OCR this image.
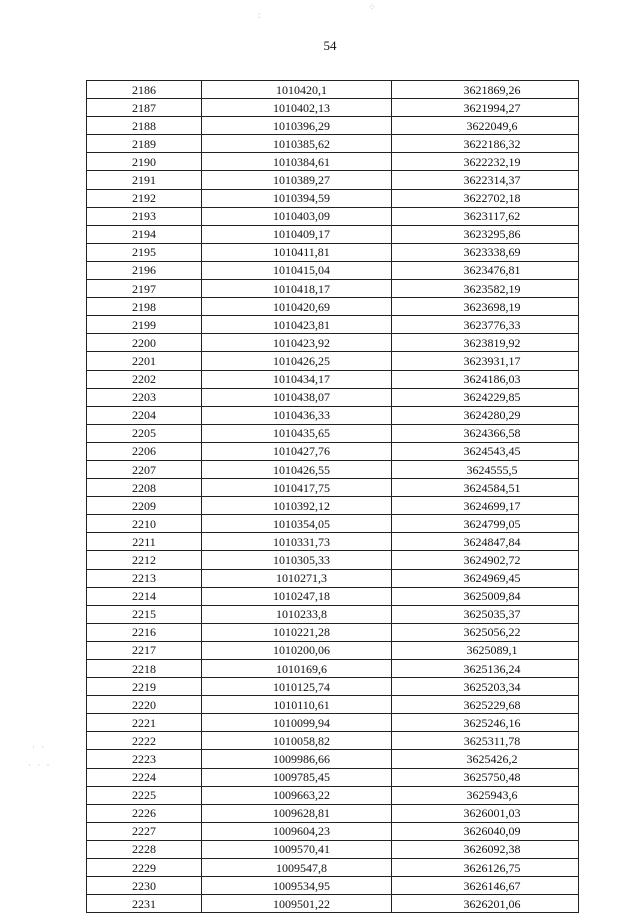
54
⁘
:
· ·
· · ·
2186	1010420,1	3621869,26
2187	1010402,13	3621994,27
2188	1010396,29	3622049,6
2189	1010385,62	3622186,32
2190	1010384,61	3622232,19
2191	1010389,27	3622314,37
2192	1010394,59	3622702,18
2193	1010403,09	3623117,62
2194	1010409,17	3623295,86
2195	1010411,81	3623338,69
2196	1010415,04	3623476,81
2197	1010418,17	3623582,19
2198	1010420,69	3623698,19
2199	1010423,81	3623776,33
2200	1010423,92	3623819,92
2201	1010426,25	3623931,17
2202	1010434,17	3624186,03
2203	1010438,07	3624229,85
2204	1010436,33	3624280,29
2205	1010435,65	3624366,58
2206	1010427,76	3624543,45
2207	1010426,55	3624555,5
2208	1010417,75	3624584,51
2209	1010392,12	3624699,17
2210	1010354,05	3624799,05
2211	1010331,73	3624847,84
2212	1010305,33	3624902,72
2213	1010271,3	3624969,45
2214	1010247,18	3625009,84
2215	1010233,8	3625035,37
2216	1010221,28	3625056,22
2217	1010200,06	3625089,1
2218	1010169,6	3625136,24
2219	1010125,74	3625203,34
2220	1010110,61	3625229,68
2221	1010099,94	3625246,16
2222	1010058,82	3625311,78
2223	1009986,66	3625426,2
2224	1009785,45	3625750,48
2225	1009663,22	3625943,6
2226	1009628,81	3626001,03
2227	1009604,23	3626040,09
2228	1009570,41	3626092,38
2229	1009547,8	3626126,75
2230	1009534,95	3626146,67
2231	1009501,22	3626201,06
